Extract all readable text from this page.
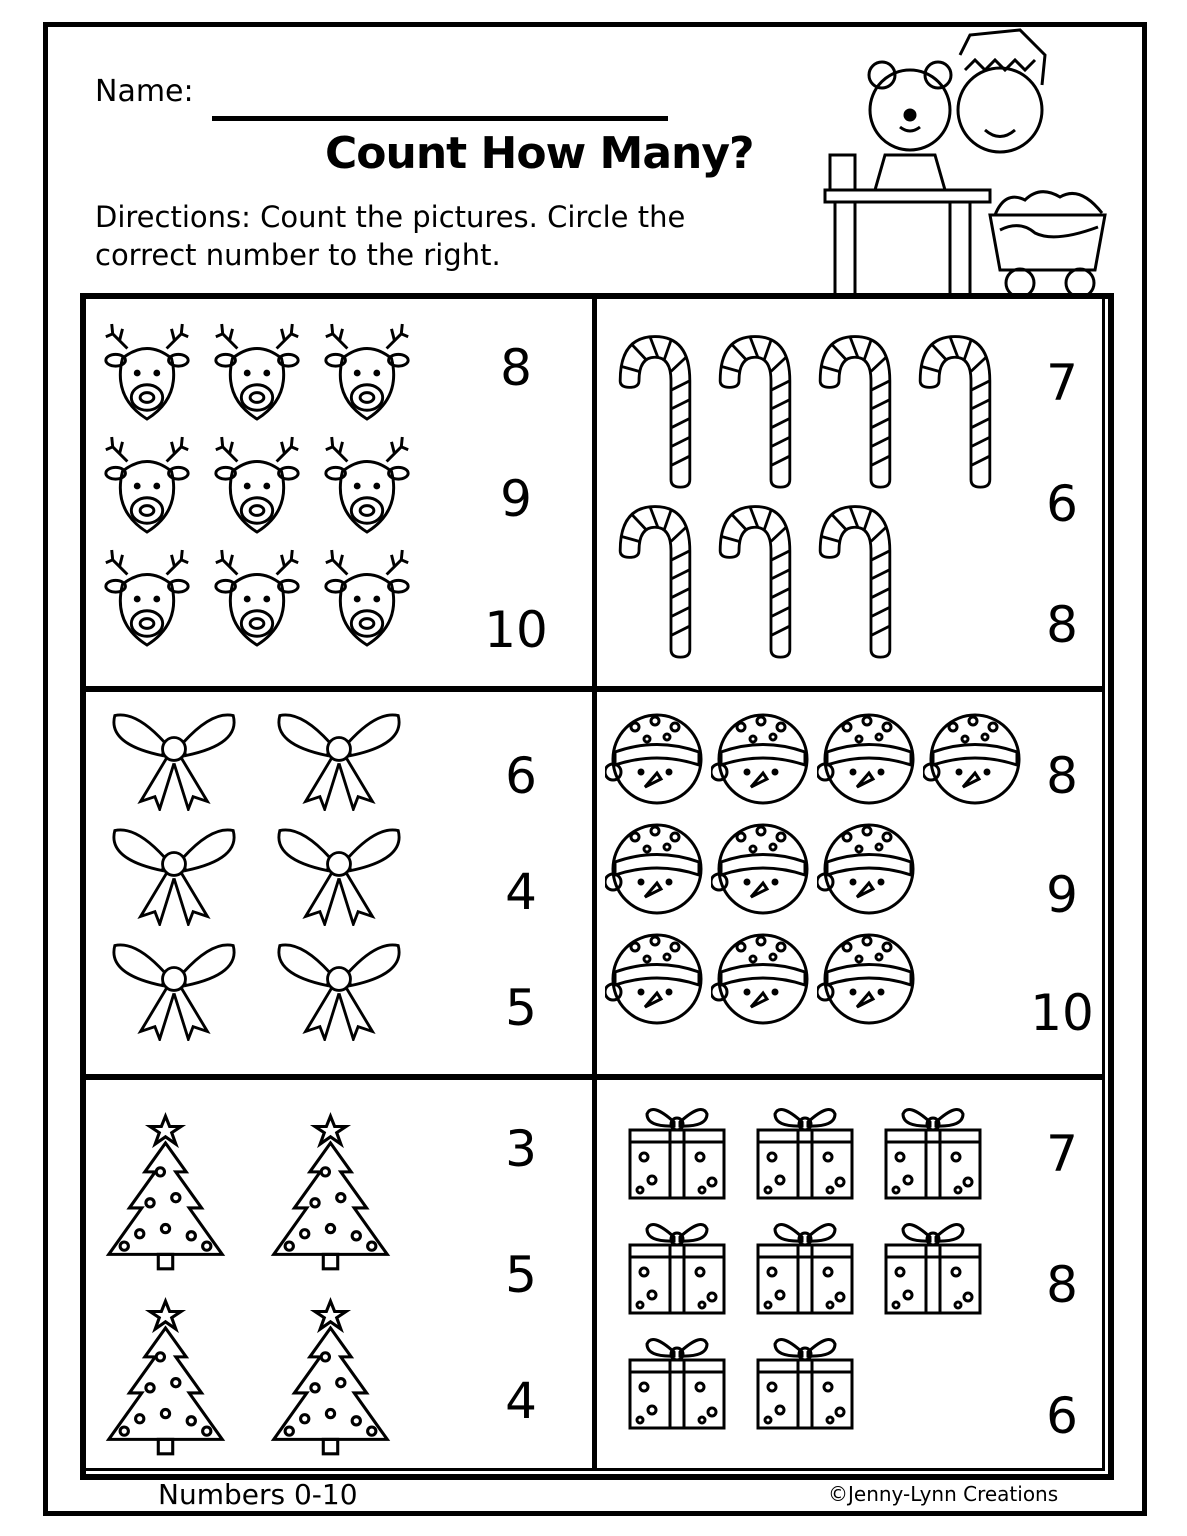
Name:
Count How Many?
Directions: Count the pictures. Circle the correct number to the right.
8
9
10
7
6
8
6
4
5
8
9
10
3
5
4
7
8
6
Numbers 0-10	©Jenny-Lynn Creations
